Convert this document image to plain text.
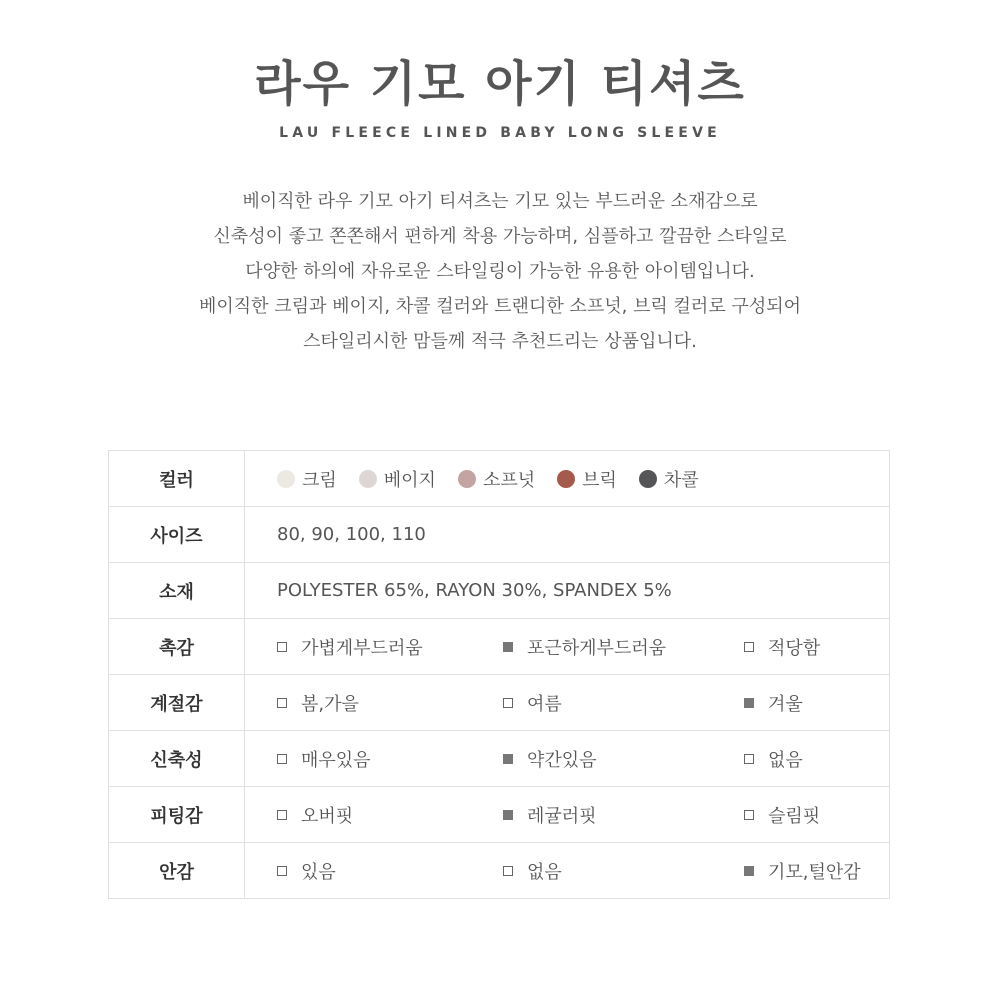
라우 기모 아기 티셔츠
LAU FLEECE LINED BABY LONG SLEEVE
베이직한 라우 기모 아기 티셔츠는 기모 있는 부드러운 소재감으로
신축성이 좋고 쫀쫀해서 편하게 착용 가능하며, 심플하고 깔끔한 스타일로
다양한 하의에 자유로운 스타일링이 가능한 유용한 아이템입니다.
베이직한 크림과 베이지, 차콜 컬러와 트랜디한 소프넛, 브릭 컬러로 구성되어
스타일리시한 맘들께 적극 추천드리는 상품입니다.
컬러	크림 베이지 소프넛 브릭 차콜

사이즈	80, 90, 100, 110
소재	POLYESTER 65%, RAYON 30%, SPANDEX 5%
촉감	가볍게부드러움 포근하게부드러움 적당함

계절감	봄,가을 여름 겨울

신축성	매우있음 약간있음 없음

피팅감	오버핏 레귤러핏 슬림핏

안감	있음 없음 기모,털안감
